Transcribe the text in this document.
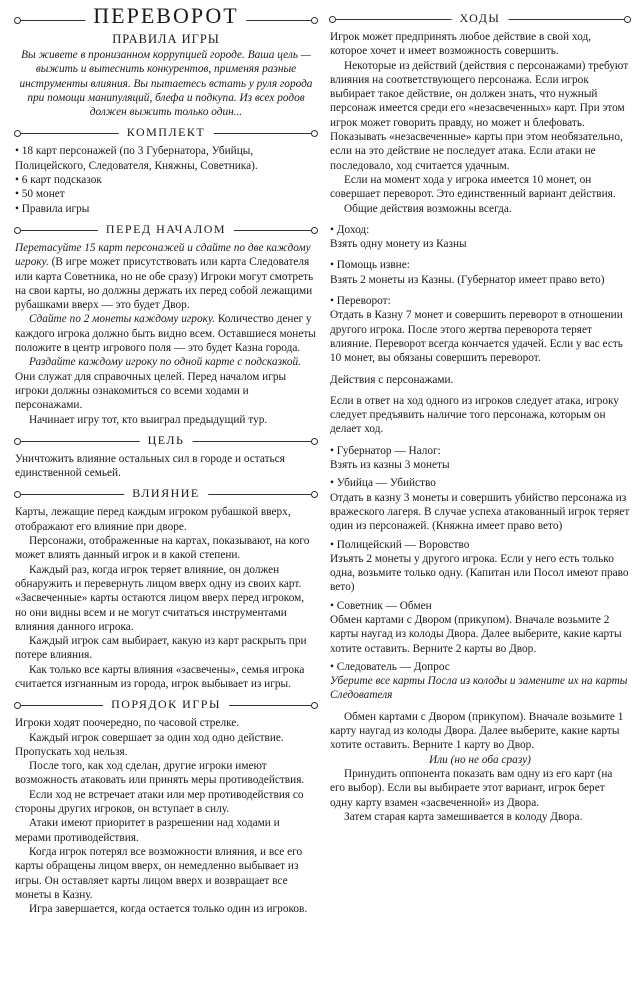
ПЕРЕВОРОТ
ПРАВИЛА ИГРЫ

Вы живете в пронизанном коррупцией городе. Ваша цель — выжить и вытеснить конкурентов, применяя разные инструменты влияния. Вы пытаетесь встать у руля города при помощи манипуляций, блефа и подкупа. Из всех родов должен выжить только один...

КОМПЛЕКТ
• 18 карт персонажей (по 3 Губернатора, Убийцы, Полицейского, Следователя, Княжны, Советника).
• 6 карт подсказок
• 50 монет
• Правила игры
ПЕРЕД НАЧАЛОМ

Перетасуйте 15 карт персонажей и сдайте по две каждому игроку. (В игре может присутствовать или карта Следователя или карта Советника, но не обе сразу) Игроки могут смотреть на свои карты, но должны держать их перед собой лежащими рубашками вверх — это будет Двор.

Сдайте по 2 монеты каждому игроку. Количество денег у каждого игрока должно быть видно всем. Оставшиеся монеты положите в центр игрового поля — это будет Казна города.

Раздайте каждому игроку по одной карте с подсказкой. Они служат для справочных целей. Перед началом игры игроки должны ознакомиться со всеми ходами и персонажами.

Начинает игру тот, кто выиграл предыдущий тур.

ЦЕЛЬ

Уничтожить влияние остальных сил в городе и остаться единственной семьей.

ВЛИЯНИЕ

Карты, лежащие перед каждым игроком рубашкой вверх, отображают его влияние при дворе.

Персонажи, отображенные на картах, показывают, на кого может влиять данный игрок и в какой степени.

Каждый раз, когда игрок теряет влияние, он должен обнаружить и перевернуть лицом вверх одну из своих карт. «Засвеченные» карты остаются лицом вверх перед игроком, но они видны всем и не могут считаться инструментами влияния данного игрока.

Каждый игрок сам выбирает, какую из карт раскрыть при потере влияния.

Как только все карты влияния «засвечены», семья игрока считается изгнанным из города, игрок выбывает из игры.

ПОРЯДОК ИГРЫ

Игроки ходят поочередно, по часовой стрелке.

Каждый игрок совершает за один ход одно действие. Пропускать ход нельзя.

После того, как ход сделан, другие игроки имеют возможность атаковать или принять меры противодействия.

Если ход не встречает атаки или мер противодействия со стороны других игроков, он вступает в силу.

Атаки имеют приоритет в разрешении над ходами и мерами противодействия.

Когда игрок потерял все возможности влияния, и все его карты обращены лицом вверх, он немедленно выбывает из игры. Он оставляет карты лицом вверх и возвращает все монеты в Казну.

Игра завершается, когда остается только один из игроков.

ХОДЫ

Игрок может предпринять любое действие в свой ход, которое хочет и имеет возможность совершить.

Некоторые из действий (действия с персонажами) требуют влияния на соответствующего персонажа. Если игрок выбирает такое действие, он должен знать, что нужный персонаж имеется среди его «незасвеченных» карт. При этом игрок может говорить правду, но может и блефовать. Показывать «незасвеченные» карты при этом необязательно, если на это действие не последует атака. Если атаки не последовало, ход считается удачным.

Если на момент хода у игрока имеется 10 монет, он совершает переворот. Это единственный вариант действия.

Общие действия возможны всегда.

• Доход:

Взять одну монету из Казны

• Помощь извне:

Взять 2 монеты из Казны. (Губернатор имеет право вето)

• Переворот:

Отдать в Казну 7 монет и совершить переворот в отношении другого игрока. После этого жертва переворота теряет влияние. Переворот всегда кончается удачей. Если у вас есть 10 монет, вы обязаны совершить переворот.

Действия с персонажами.

Если в ответ на ход одного из игроков следует атака, игроку следует предъявить наличие того персонажа, которым он делает ход.

• Губернатор — Налог:

Взять из казны 3 монеты

• Убийца — Убийство

Отдать в казну 3 монеты и совершить убийство персонажа из вражеского лагеря. В случае успеха атакованный игрок теряет один из персонажей. (Княжна имеет право вето)

• Полицейский — Воровство

Изъять 2 монеты у другого игрока. Если у него есть только одна, возьмите только одну. (Капитан или Посол имеют право вето)

• Советник — Обмен

Обмен картами с Двором (прикупом). Вначале возьмите 2 карты наугад из колоды Двора. Далее выберите, какие карты хотите оставить. Верните 2 карты во Двор.

• Следователь — Допрос

Уберите все карты Посла из колоды и замените их на карты Следователя

Обмен картами с Двором (прикупом). Вначале возьмите 1 карту наугад из колоды Двора. Далее выберите, какие карты хотите оставить. Верните 1 карту во Двор.

Или (но не оба сразу)

Принудить оппонента показать вам одну из его карт (на его выбор). Если вы выбираете этот вариант, игрок берет одну карту взамен «засвеченной» из Двора.

Затем старая карта замешивается в колоду Двора.
